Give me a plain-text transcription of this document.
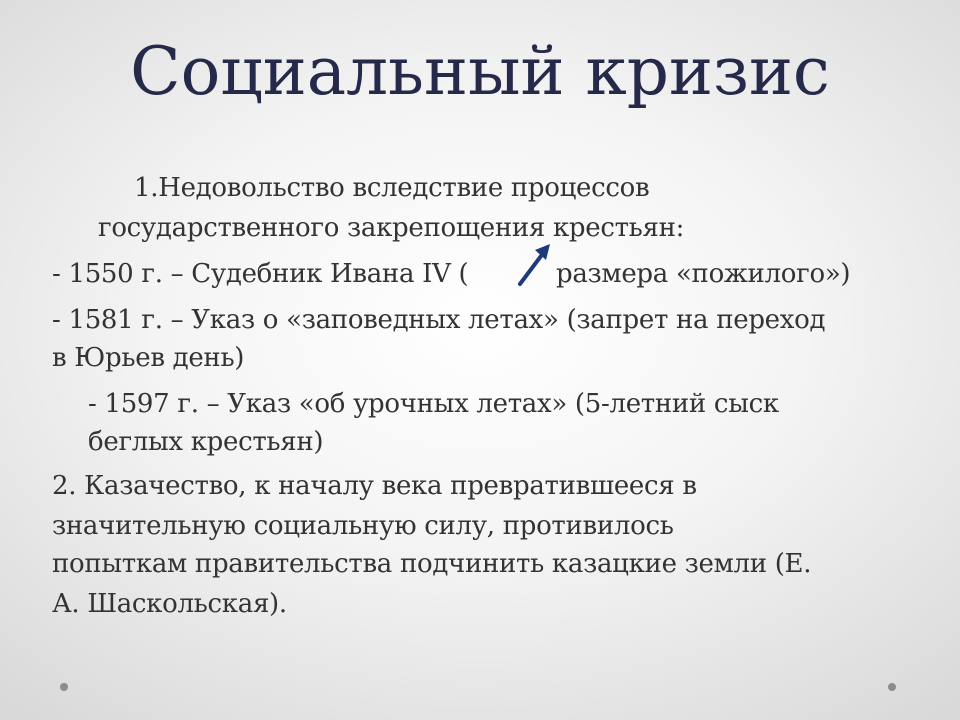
Социальный кризис
1.Недовольство вследствие процессов
государственного закрепощения крестьян:
- 1550 г. – Судебник Ивана IV (	размера «пожилого»)
- 1581 г. – Указ о «заповедных летах» (запрет на переход
в Юрьев день)
- 1597 г. – Указ «об урочных летах» (5-летний сыск
беглых крестьян)
2. Казачество, к началу века превратившееся в
значительную социальную силу, противилось
попыткам правительства подчинить казацкие земли (Е.
А. Шаскольская).
